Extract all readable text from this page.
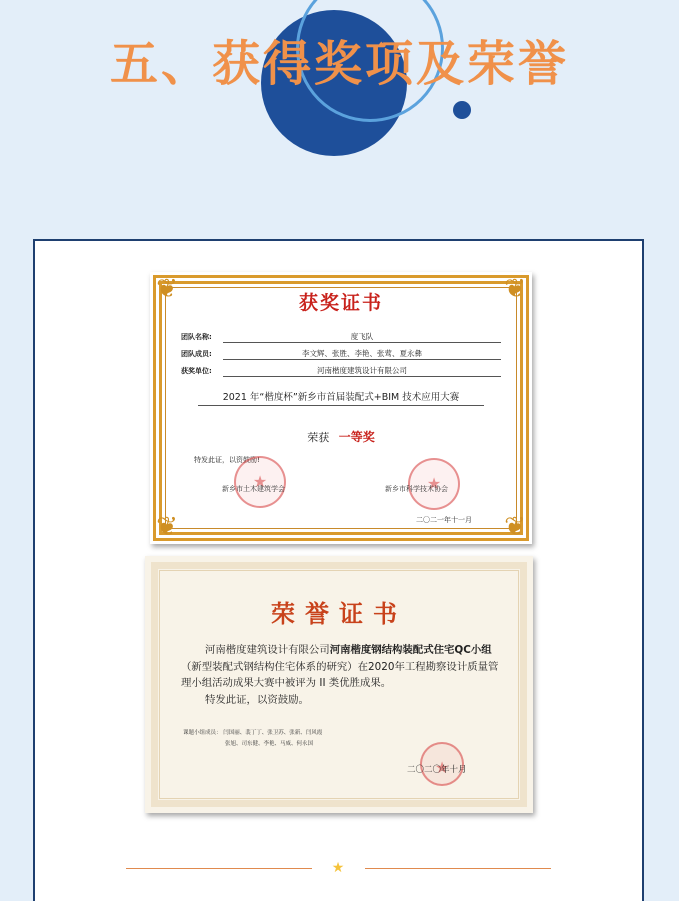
五、获得奖项及荣誉
❦	❦
❦	❦
获奖证书
团队名称:	度飞队
团队成员:	李文辉、张胜、李艳、张莺、夏永彝
获奖单位:	河南楷度建筑设计有限公司
2021 年“楷度杯”新乡市首届装配式+BIM 技术应用大赛
荣获 一等奖
特发此证，以资鼓励!
★
★
新乡市土木建筑学会	新乡市科学技术协会
二〇二一年十一月
荣誉证书

河南楷度建筑设计有限公司河南楷度钢结构装配式住宅QC小组（新型装配式钢结构住宅体系的研究）在2020年工程勘察设计质量管理小组活动成果大赛中被评为 II 类优胜成果。

特发此证，以资鼓励。

课题小组成员： 闫国丽、裴丁丁、张卫苏、张新、闫风霞
张旭、司东健、李艳、马威、何永国
★
二〇二〇年十月
★
